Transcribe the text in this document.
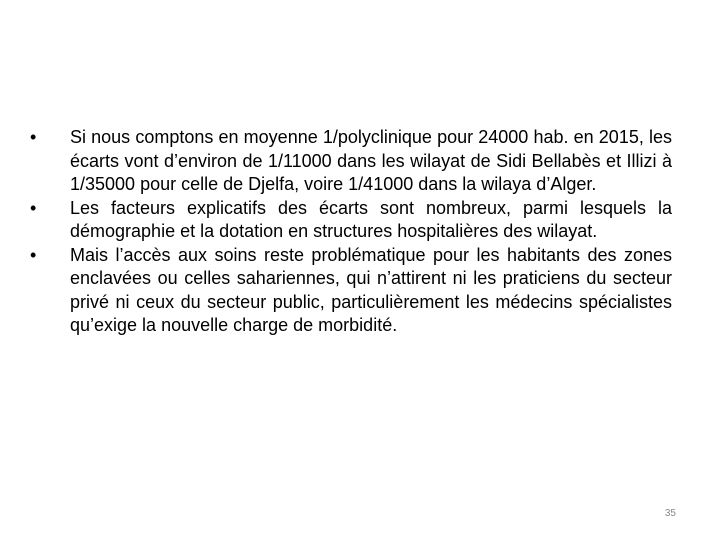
•	Si nous comptons en moyenne 1/polyclinique pour 24000 hab. en 2015, les écarts vont d’environ de 1/11000 dans les wilayat de Sidi Bellabès et Illizi à 1/35000 pour celle de Djelfa, voire 1/41000 dans la wilaya d’Alger.
•	Les facteurs explicatifs des écarts sont nombreux, parmi lesquels la démographie et la dotation en structures hospitalières des wilayat.
•	Mais l’accès aux soins reste problématique pour les habitants des zones enclavées ou celles sahariennes, qui n’attirent ni les praticiens du secteur privé ni ceux du secteur public, particulièrement les médecins spécialistes qu’exige la nouvelle charge de morbidité.
35
